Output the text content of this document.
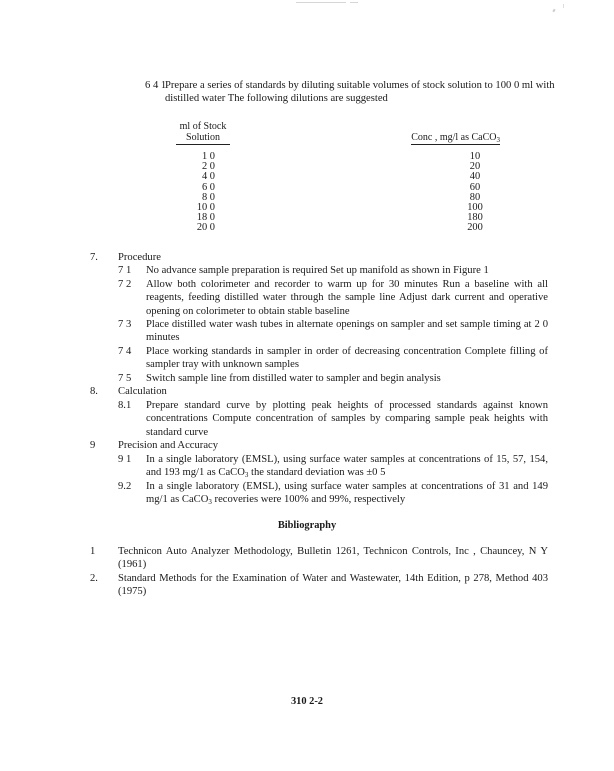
6 4 1
Prepare a series of standards by diluting suitable volumes of stock solution to 100 0 ml with distilled water The following dilutions are suggested
ml of Stock
Solution	Conc , mg/l as CaCO$_3$
1 0
2 0
4 0
6 0
8 0
10 0
18 0
20 0
10
20
40
60
80
100
180
200
7. Procedure
7 1 No advance sample preparation is required Set up manifold as shown in Figure 1
7 2 Allow both colorimeter and recorder to warm up for 30 minutes Run a baseline with all reagents, feeding distilled water through the sample line Adjust dark current and operative opening on colorimeter to obtain stable baseline
7 3 Place distilled water wash tubes in alternate openings on sampler and set sample timing at 2 0 minutes
7 4 Place working standards in sampler in order of decreasing concentration Complete filling of sampler tray with unknown samples
7 5 Switch sample line from distilled water to sampler and begin analysis
8. Calculation
8.1 Prepare standard curve by plotting peak heights of processed standards against known concentrations Compute concentration of samples by comparing sample peak heights with standard curve
9 Precision and Accuracy
9 1 In a single laboratory (EMSL), using surface water samples at concentrations of 15, 57, 154, and 193 mg/1 as CaCO$_3$ the standard deviation was ±0 5
9.2 In a single laboratory (EMSL), using surface water samples at concentrations of 31 and 149 mg/1 as CaCO$_3$ recoveries were 100% and 99%, respectively
Bibliography
1 Technicon Auto Analyzer Methodology, Bulletin 1261, Technicon Controls, Inc , Chauncey, N Y (1961)
2. Standard Methods for the Examination of Water and Wastewater, 14th Edition, p 278, Method 403 (1975)
310 2-2
